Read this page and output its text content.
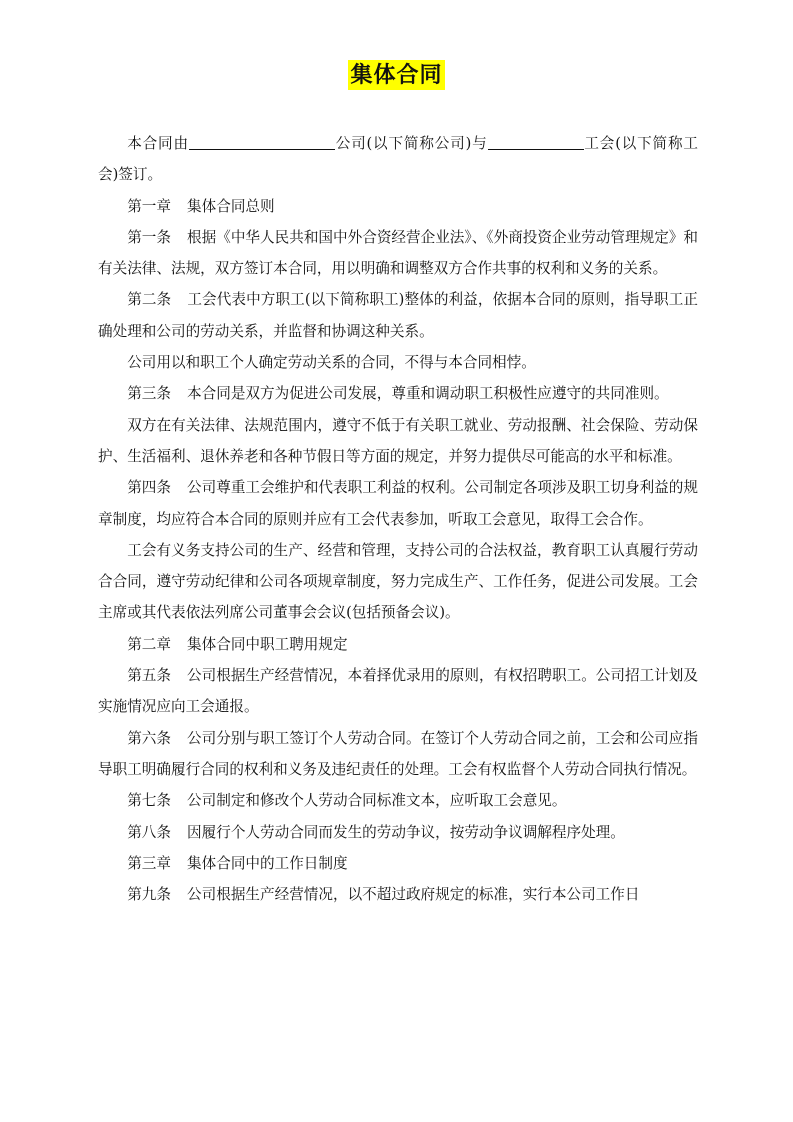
集体合同

本合同由	公司(以下简称公司)与	工会(以下简称工会)签订。

第一章 集体合同总则

第一条 根据《中华人民共和国中外合资经营企业法》、《外商投资企业劳动管理规定》和有关法律、法规，双方签订本合同，用以明确和调整双方合作共事的权利和义务的关系。

第二条 工会代表中方职工(以下简称职工)整体的利益，依据本合同的原则，指导职工正确处理和公司的劳动关系，并监督和协调这种关系。

公司用以和职工个人确定劳动关系的合同，不得与本合同相悖。

第三条 本合同是双方为促进公司发展，尊重和调动职工积极性应遵守的共同准则。

双方在有关法律、法规范围内，遵守不低于有关职工就业、劳动报酬、社会保险、劳动保护、生活福利、退休养老和各种节假日等方面的规定，并努力提供尽可能高的水平和标准。

第四条 公司尊重工会维护和代表职工利益的权利。公司制定各项涉及职工切身利益的规章制度，均应符合本合同的原则并应有工会代表参加，听取工会意见，取得工会合作。

工会有义务支持公司的生产、经营和管理，支持公司的合法权益，教育职工认真履行劳动合合同，遵守劳动纪律和公司各项规章制度，努力完成生产、工作任务，促进公司发展。工会主席或其代表依法列席公司董事会会议(包括预备会议)。

第二章 集体合同中职工聘用规定

第五条 公司根据生产经营情况，本着择优录用的原则，有权招聘职工。公司招工计划及实施情况应向工会通报。

第六条 公司分别与职工签订个人劳动合同。在签订个人劳动合同之前，工会和公司应指导职工明确履行合同的权利和义务及违纪责任的处理。工会有权监督个人劳动合同执行情况。

第七条 公司制定和修改个人劳动合同标准文本，应听取工会意见。

第八条 因履行个人劳动合同而发生的劳动争议，按劳动争议调解程序处理。

第三章 集体合同中的工作日制度

第九条 公司根据生产经营情况，以不超过政府规定的标准，实行本公司工作日
